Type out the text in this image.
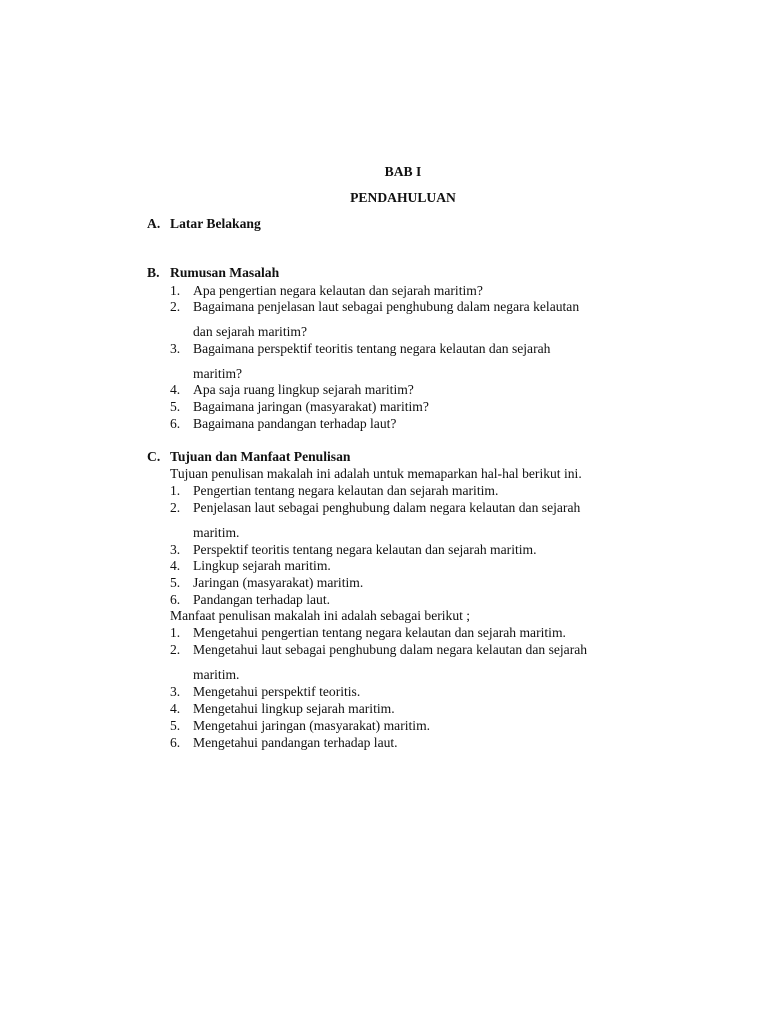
BAB I
PENDAHULUAN
A. Latar Belakang
B. Rumusan Masalah
1. Apa pengertian negara kelautan dan sejarah maritim?
2. Bagaimana penjelasan laut sebagai penghubung dalam negara kelautan
dan sejarah maritim?
3. Bagaimana perspektif teoritis tentang negara kelautan dan sejarah
maritim?
4. Apa saja ruang lingkup sejarah maritim?
5. Bagaimana jaringan (masyarakat) maritim?
6. Bagaimana pandangan terhadap laut?
C. Tujuan dan Manfaat Penulisan
Tujuan penulisan makalah ini adalah untuk memaparkan hal-hal berikut ini.
1. Pengertian tentang negara kelautan dan sejarah maritim.
2. Penjelasan laut sebagai penghubung dalam negara kelautan dan sejarah
maritim.
3. Perspektif teoritis tentang negara kelautan dan sejarah maritim.
4. Lingkup sejarah maritim.
5. Jaringan (masyarakat) maritim.
6. Pandangan terhadap laut.
Manfaat penulisan makalah ini adalah sebagai berikut ;
1. Mengetahui pengertian tentang negara kelautan dan sejarah maritim.
2. Mengetahui laut sebagai penghubung dalam negara kelautan dan sejarah
maritim.
3. Mengetahui perspektif teoritis.
4. Mengetahui lingkup sejarah maritim.
5. Mengetahui jaringan (masyarakat) maritim.
6. Mengetahui pandangan terhadap laut.
